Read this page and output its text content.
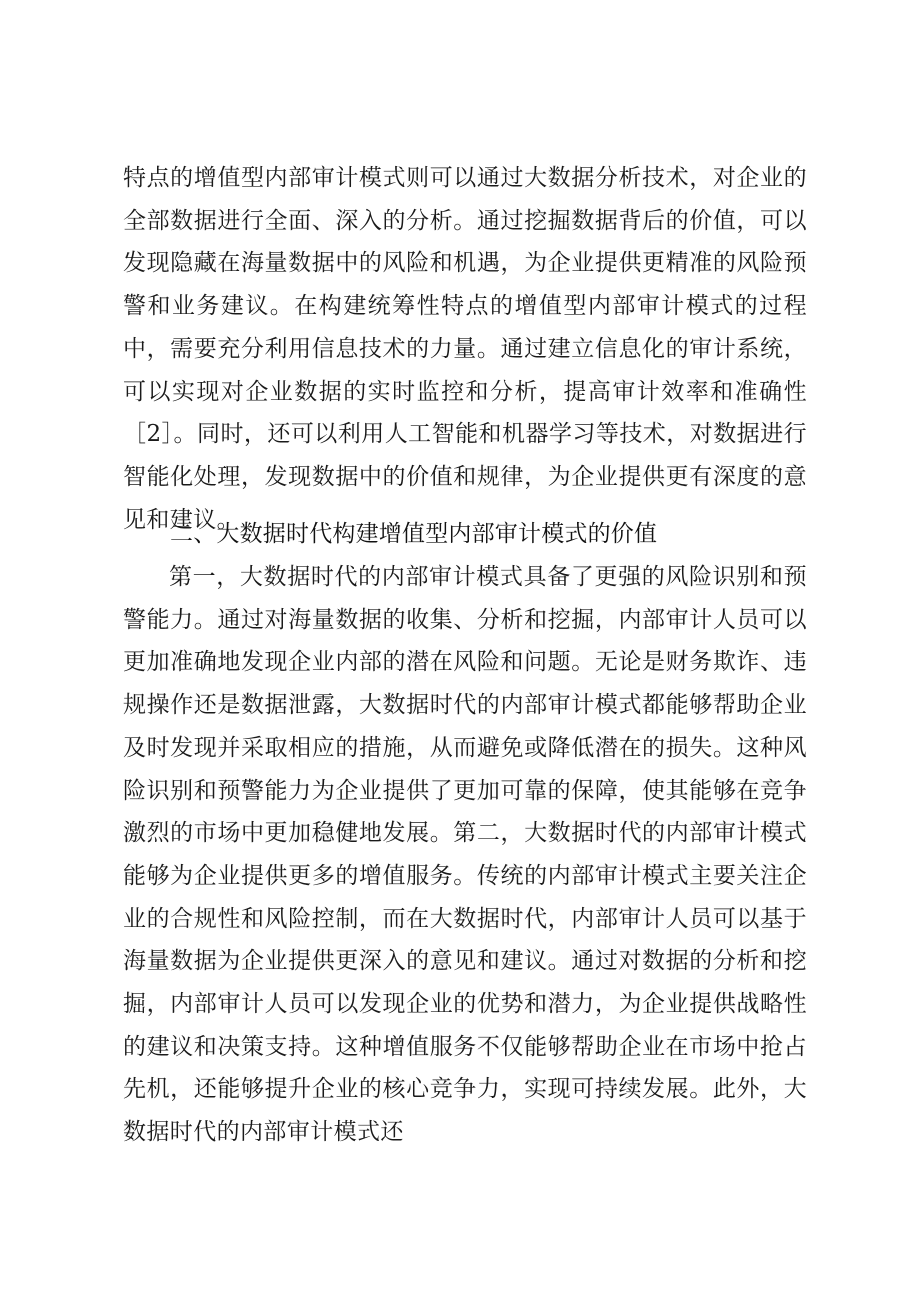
特点的增值型内部审计模式则可以通过大数据分析技术，对企业的全部数据进行全面、深入的分析。通过挖掘数据背后的价值，可以发现隐藏在海量数据中的风险和机遇，为企业提供更精准的风险预警和业务建议。在构建统筹性特点的增值型内部审计模式的过程中，需要充分利用信息技术的力量。通过建立信息化的审计系统，可以实现对企业数据的实时监控和分析，提高审计效率和准确性［2］。同时，还可以利用人工智能和机器学习等技术，对数据进行智能化处理，发现数据中的价值和规律，为企业提供更有深度的意见和建议。

二、大数据时代构建增值型内部审计模式的价值

第一，大数据时代的内部审计模式具备了更强的风险识别和预警能力。通过对海量数据的收集、分析和挖掘，内部审计人员可以更加准确地发现企业内部的潜在风险和问题。无论是财务欺诈、违规操作还是数据泄露，大数据时代的内部审计模式都能够帮助企业及时发现并采取相应的措施，从而避免或降低潜在的损失。这种风险识别和预警能力为企业提供了更加可靠的保障，使其能够在竞争激烈的市场中更加稳健地发展。第二，大数据时代的内部审计模式能够为企业提供更多的增值服务。传统的内部审计模式主要关注企业的合规性和风险控制，而在大数据时代，内部审计人员可以基于海量数据为企业提供更深入的意见和建议。通过对数据的分析和挖掘，内部审计人员可以发现企业的优势和潜力，为企业提供战略性的建议和决策支持。这种增值服务不仅能够帮助企业在市场中抢占先机，还能够提升企业的核心竞争力，实现可持续发展。此外，大数据时代的内部审计模式还
